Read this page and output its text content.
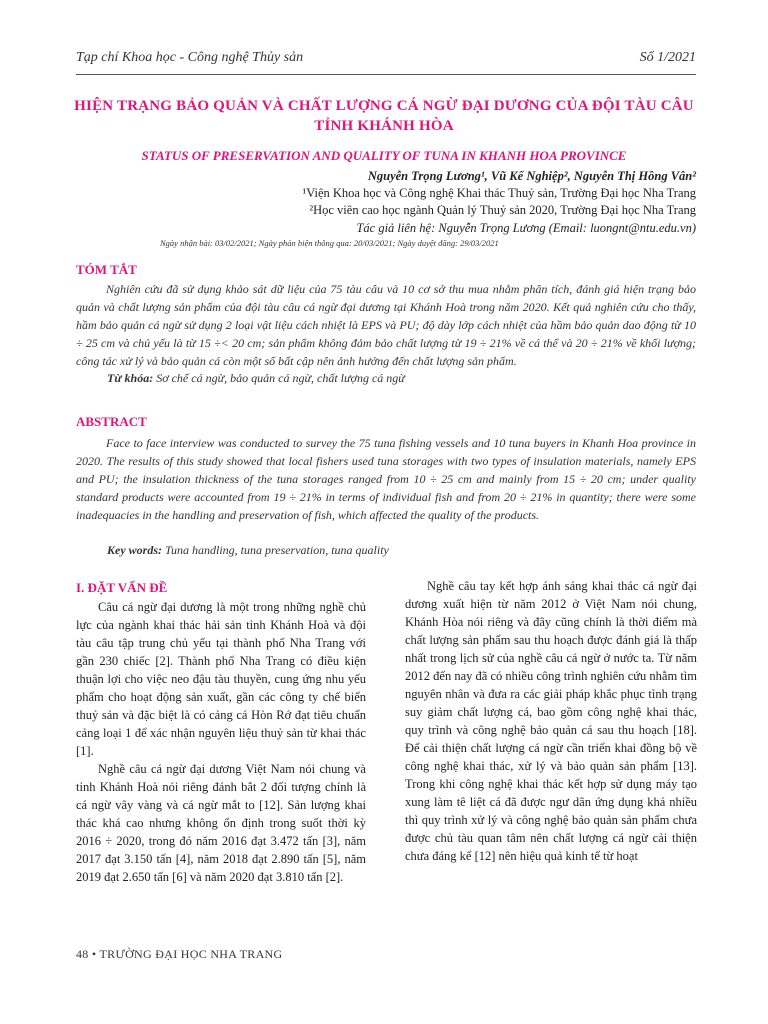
Tạp chí Khoa học - Công nghệ Thủy sản	Số 1/2021
HIỆN TRẠNG BẢO QUẢN VÀ CHẤT LƯỢNG CÁ NGỪ ĐẠI DƯƠNG CỦA ĐỘI TÀU CÂU TỈNH KHÁNH HÒA
STATUS OF PRESERVATION AND QUALITY OF TUNA IN KHANH HOA PROVINCE
Nguyễn Trọng Lương¹, Vũ Kế Nghiệp², Nguyễn Thị Hồng Vân²
¹Viện Khoa học và Công nghệ Khai thác Thuỷ sản, Trường Đại học Nha Trang
²Học viên cao học ngành Quản lý Thuỷ sản 2020, Trường Đại học Nha Trang
Tác giả liên hệ: Nguyễn Trọng Lương (Email: luongnt@ntu.edu.vn)
Ngày nhận bài: 03/02/2021; Ngày phản biện thông qua: 20/03/2021; Ngày duyệt đăng: 29/03/2021
TÓM TẮT
Nghiên cứu đã sử dụng khảo sát dữ liệu của 75 tàu câu và 10 cơ sở thu mua nhằm phân tích, đánh giá hiện trạng bảo quản và chất lượng sản phẩm của đội tàu câu cá ngừ đại dương tại Khánh Hoà trong năm 2020. Kết quả nghiên cứu cho thấy, hầm bảo quản cá ngừ sử dụng 2 loại vật liệu cách nhiệt là EPS và PU; độ dày lớp cách nhiệt của hầm bảo quản dao động từ 10 ÷ 25 cm và chủ yếu là từ 15 ÷< 20 cm; sản phẩm không đảm bảo chất lượng từ 19 ÷ 21% về cá thể và 20 ÷ 21% về khối lượng; công tác xử lý và bảo quản cá còn một số bất cập nên ảnh hưởng đến chất lượng sản phẩm.
Từ khóa: Sơ chế cá ngừ, bảo quản cá ngừ, chất lượng cá ngừ
ABSTRACT
Face to face interview was conducted to survey the 75 tuna fishing vessels and 10 tuna buyers in Khanh Hoa province in 2020. The results of this study showed that local fishers used tuna storages with two types of insulation materials, namely EPS and PU; the insulation thickness of the tuna storages ranged from 10 ÷ 25 cm and mainly from 15 ÷ 20 cm; under quality standard products were accounted from 19 ÷ 21% in terms of individual fish and from 20 ÷ 21% in quantity; there were some inadequacies in the handling and preservation of fish, which affected the quality of the products.
Key words: Tuna handling, tuna preservation, tuna quality
I. ĐẶT VẤN ĐỀ

Câu cá ngừ đại dương là một trong những nghề chủ lực của ngành khai thác hải sản tỉnh Khánh Hoà và đội tàu câu tập trung chủ yếu tại thành phố Nha Trang với gần 230 chiếc [2]. Thành phố Nha Trang có điều kiện thuận lợi cho việc neo đậu tàu thuyền, cung ứng nhu yếu phẩm cho hoạt động sản xuất, gần các công ty chế biến thuỷ sản và đặc biệt là có cảng cá Hòn Rớ đạt tiêu chuẩn cảng loại 1 để xác nhận nguyên liệu thuỷ sản từ khai thác [1].

Nghề câu cá ngừ đại dương Việt Nam nói chung và tỉnh Khánh Hoà nói riêng đánh bắt 2 đối tượng chính là cá ngừ vây vàng và cá ngừ mắt to [12]. Sản lượng khai thác khá cao nhưng không ổn định trong suốt thời kỳ 2016 ÷ 2020, trong đó năm 2016 đạt 3.472 tấn [3], năm 2017 đạt 3.150 tấn [4], năm 2018 đạt 2.890 tấn [5], năm 2019 đạt 2.650 tấn [6] và năm 2020 đạt 3.810 tấn [2].

Nghề câu tay kết hợp ánh sáng khai thác cá ngừ đại dương xuất hiện từ năm 2012 ở Việt Nam nói chung, Khánh Hòa nói riêng và đây cũng chính là thời điểm mà chất lượng sản phẩm sau thu hoạch được đánh giá là thấp nhất trong lịch sử của nghề câu cá ngừ ở nước ta. Từ năm 2012 đến nay đã có nhiều công trình nghiên cứu nhằm tìm nguyên nhân và đưa ra các giải pháp khắc phục tình trạng suy giảm chất lượng cá, bao gồm công nghệ khai thác, quy trình và công nghệ bảo quản cá sau thu hoạch [18]. Để cải thiện chất lượng cá ngừ cần triển khai đồng bộ về công nghệ khai thác, xử lý và bảo quản sản phẩm [13]. Trong khi công nghệ khai thác kết hợp sử dụng máy tạo xung làm tê liệt cá đã được ngư dân ứng dụng khá nhiều thì quy trình xử lý và công nghệ bảo quản sản phẩm chưa được chủ tàu quan tâm nên chất lượng cá ngừ cải thiện chưa đáng kể [12] nên hiệu quả kinh tế từ hoạt

48 • TRƯỜNG ĐẠI HỌC NHA TRANG
